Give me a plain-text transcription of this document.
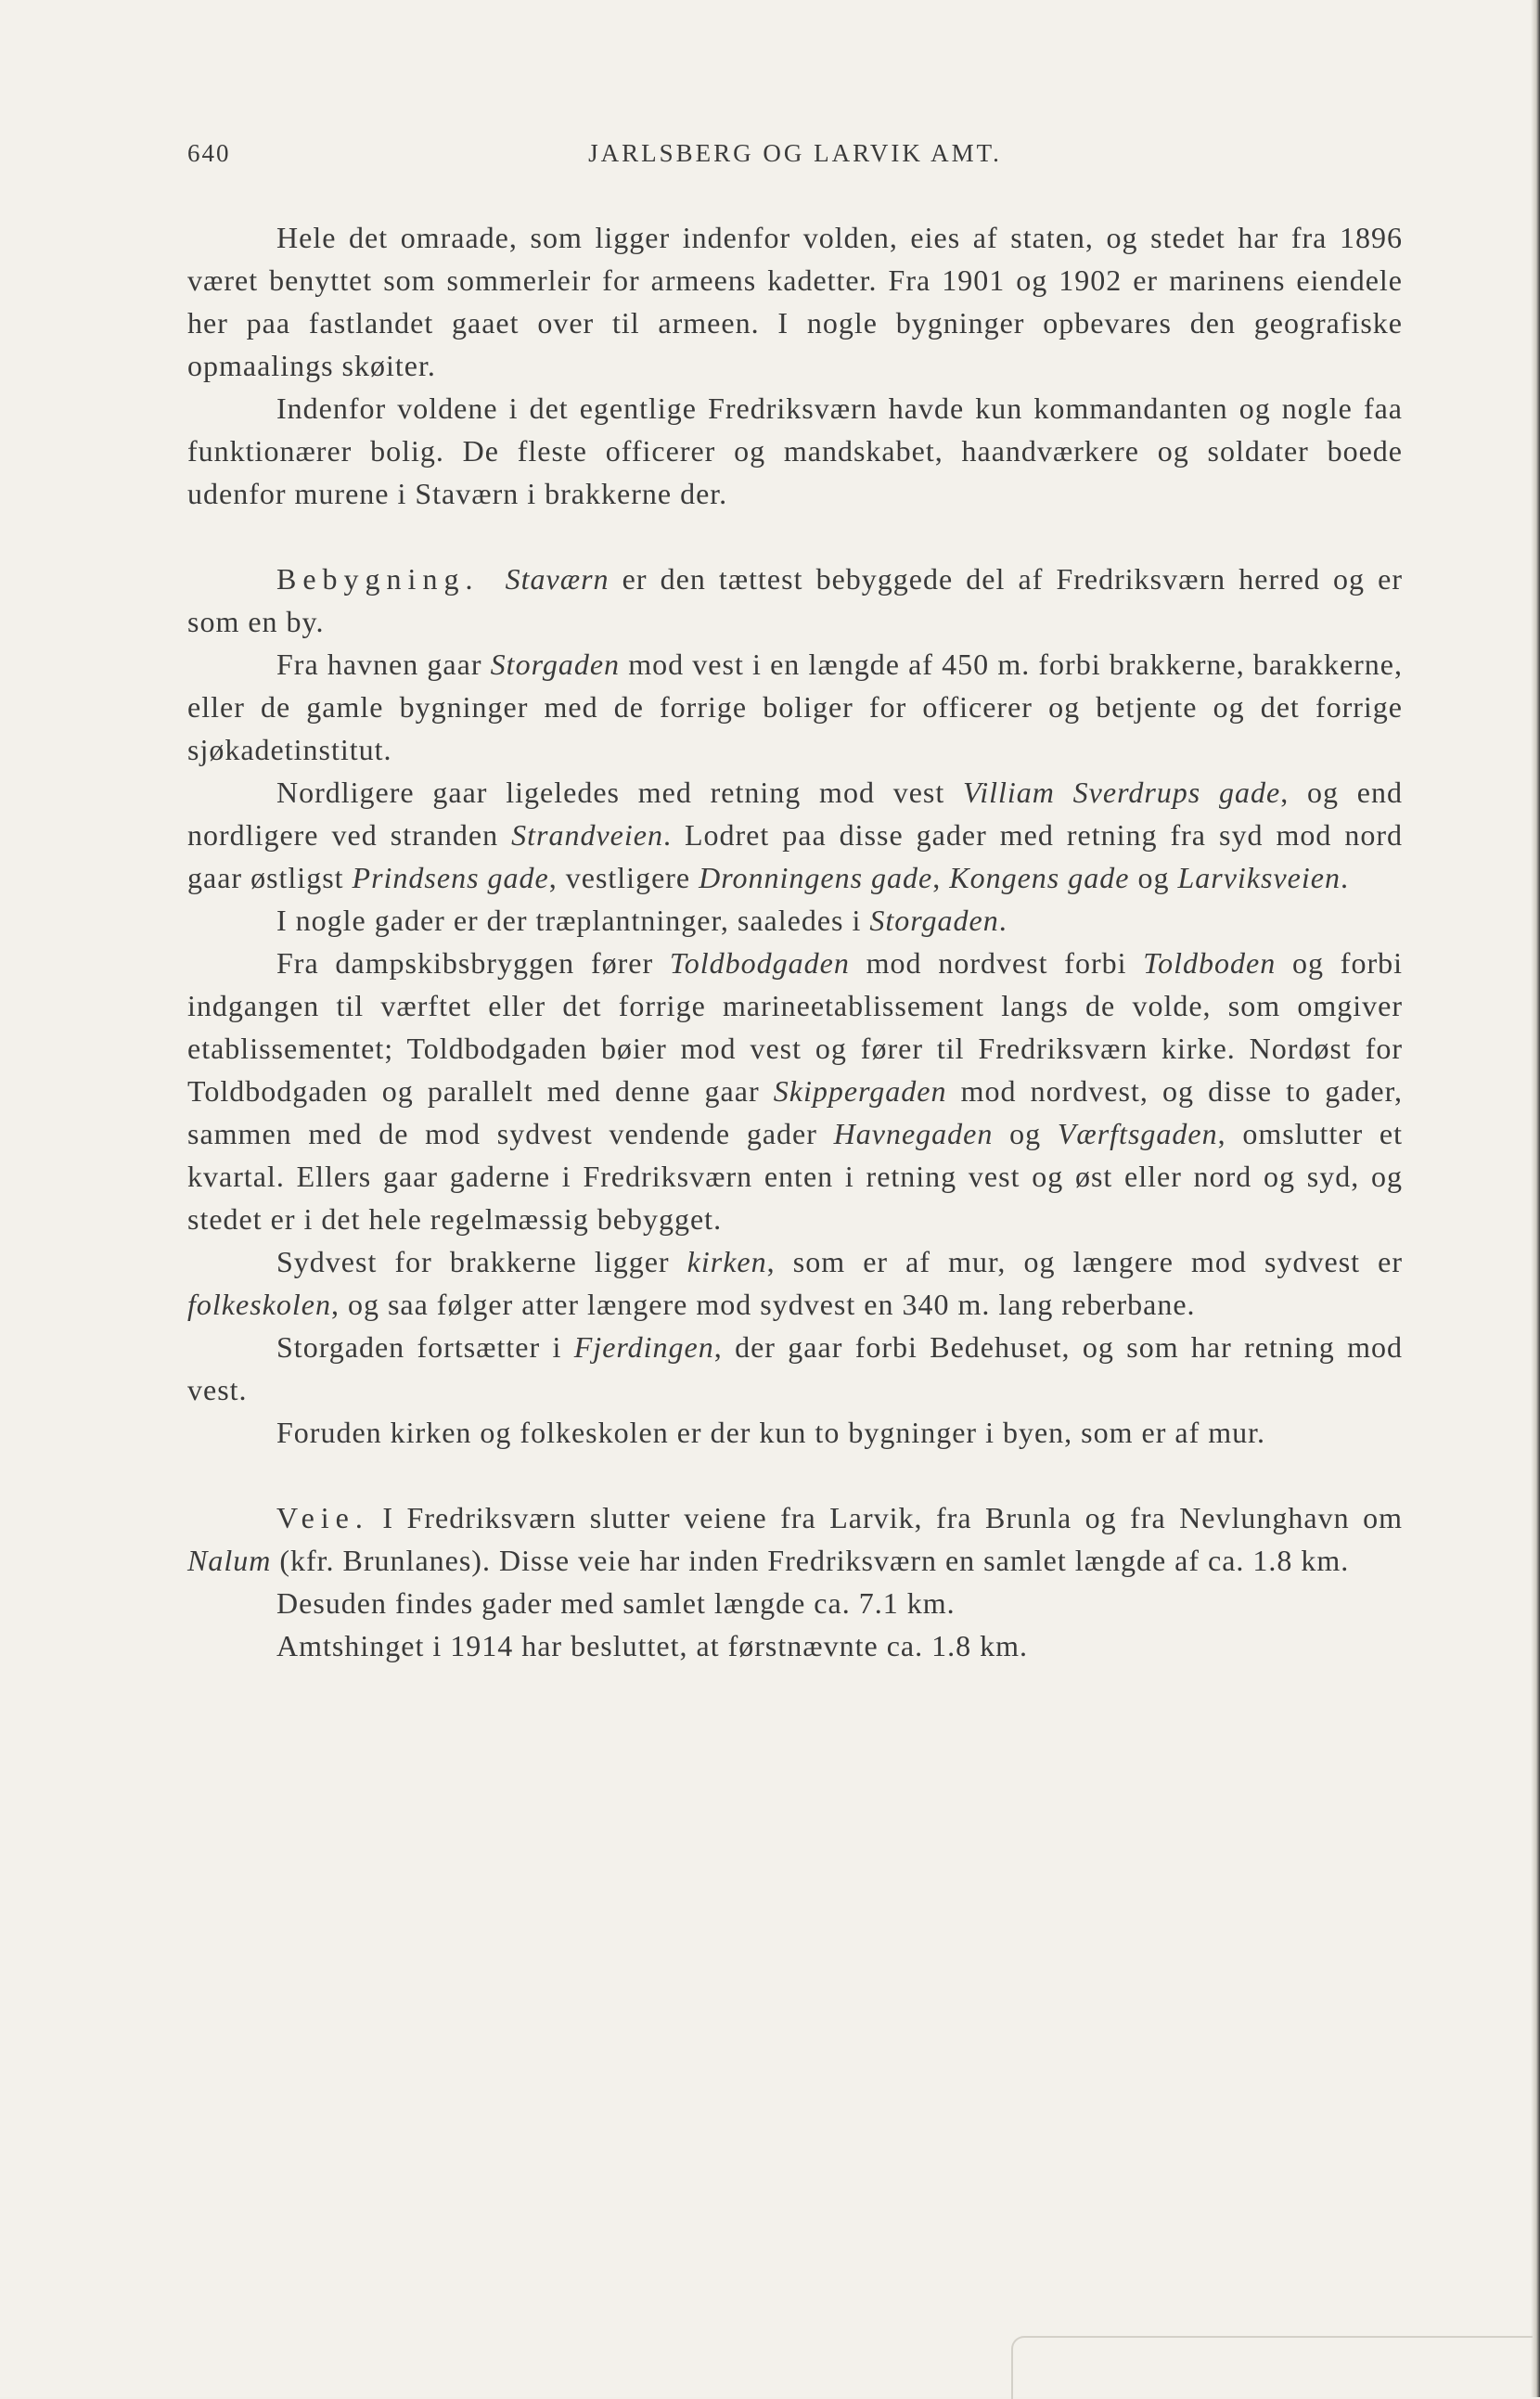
640	JARLSBERG OG LARVIK AMT.

Hele det omraade, som ligger indenfor volden, eies af staten, og stedet har fra 1896 været benyttet som sommerleir for armeens kadetter. Fra 1901 og 1902 er marinens eiendele her paa fastlandet gaaet over til armeen. I nogle bygninger opbevares den geografiske opmaalings skøiter.

Indenfor voldene i det egentlige Fredriksværn havde kun kommandanten og nogle faa funktionærer bolig. De fleste officerer og mandskabet, haandværkere og soldater boede udenfor murene i Staværn i brakkerne der.

Bebygning. Staværn er den tættest bebyggede del af Fredriksværn herred og er som en by.

Fra havnen gaar Storgaden mod vest i en længde af 450 m. forbi brakkerne, barakkerne, eller de gamle bygninger med de forrige boliger for officerer og betjente og det forrige sjøkadetinstitut.

Nordligere gaar ligeledes med retning mod vest Villiam Sverdrups gade, og end nordligere ved stranden Strandveien. Lodret paa disse gader med retning fra syd mod nord gaar østligst Prindsens gade, vestligere Dronningens gade, Kongens gade og Larviksveien.

I nogle gader er der træplantninger, saaledes i Storgaden.

Fra dampskibsbryggen fører Toldbodgaden mod nordvest forbi Toldboden og forbi indgangen til værftet eller det forrige marineetablissement langs de volde, som omgiver etablissementet; Toldbodgaden bøier mod vest og fører til Fredriksværn kirke. Nordøst for Toldbodgaden og parallelt med denne gaar Skippergaden mod nordvest, og disse to gader, sammen med de mod sydvest vendende gader Havnegaden og Værftsgaden, omslutter et kvartal. Ellers gaar gaderne i Fredriksværn enten i retning vest og øst eller nord og syd, og stedet er i det hele regelmæssig bebygget.

Sydvest for brakkerne ligger kirken, som er af mur, og længere mod sydvest er folkeskolen, og saa følger atter længere mod sydvest en 340 m. lang reberbane.

Storgaden fortsætter i Fjerdingen, der gaar forbi Bedehuset, og som har retning mod vest.

Foruden kirken og folkeskolen er der kun to bygninger i byen, som er af mur.

Veie. I Fredriksværn slutter veiene fra Larvik, fra Brunla og fra Nevlunghavn om Nalum (kfr. Brunlanes). Disse veie har inden Fredriksværn en samlet længde af ca. 1.8 km.

Desuden findes gader med samlet længde ca. 7.1 km.

Amtshinget i 1914 har besluttet, at førstnævnte ca. 1.8 km.
